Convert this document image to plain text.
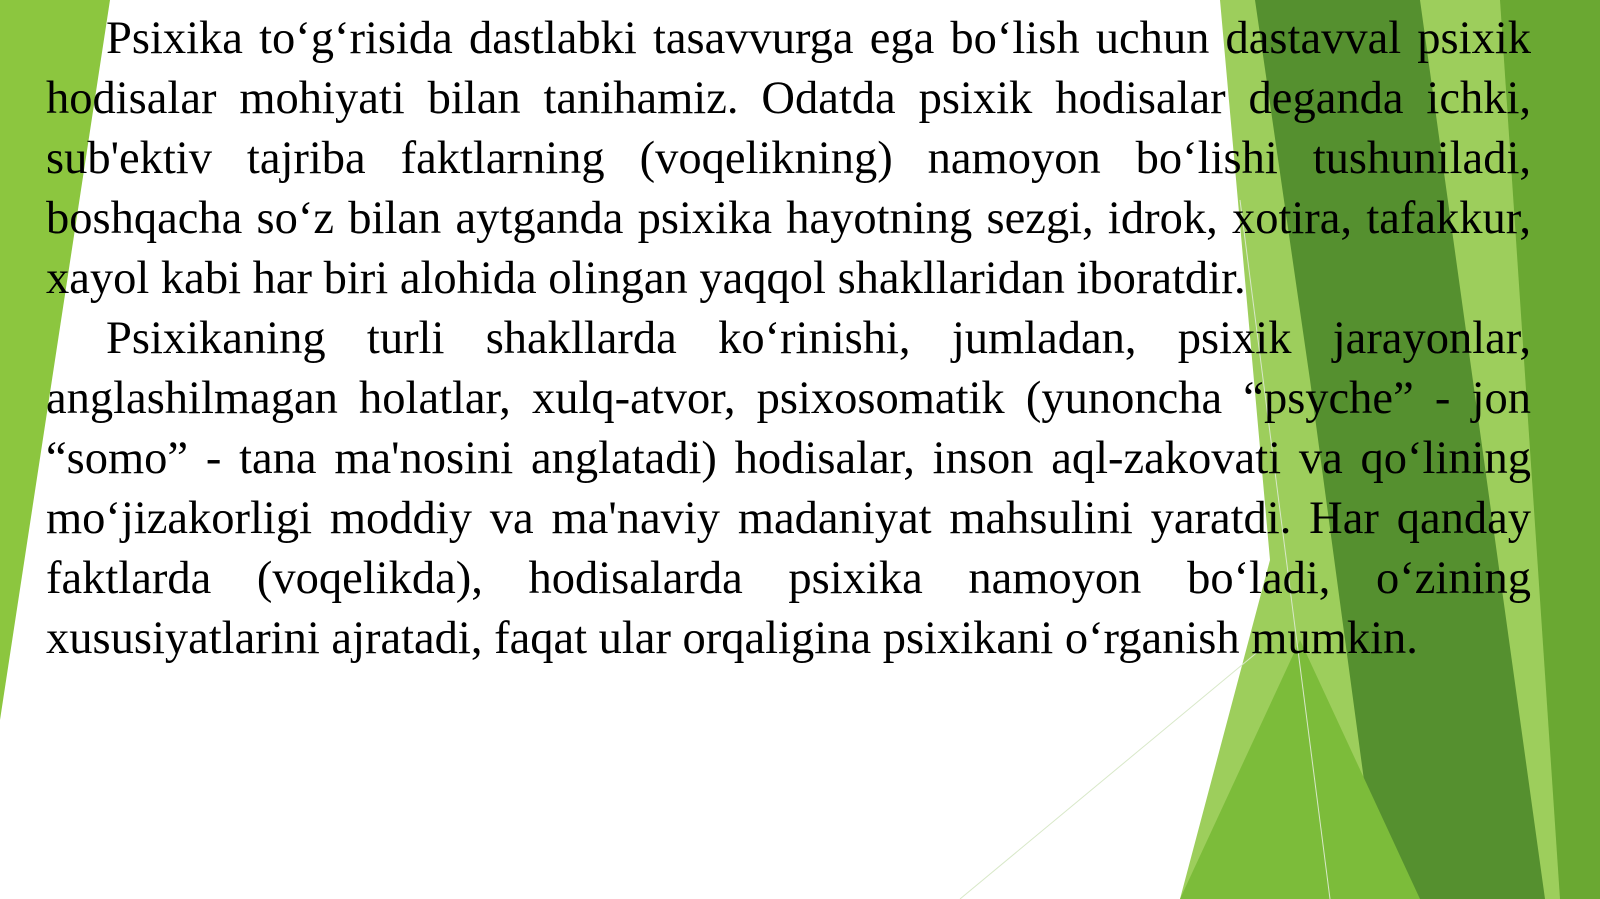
Psixika to‘g‘risida dastlabki tasavvurga ega bo‘lish uchun dastavval psixik hodisalar mohiyati bilan tanihamiz. Odatda psixik hodisalar deganda ichki, sub'ektiv tajriba faktlarning (voqelikning) namoyon bo‘lishi tushuniladi, boshqacha so‘z bilan aytganda psixika hayotning sezgi, idrok, xotira, tafakkur, xayol kabi har biri alohida olingan yaqqol shakllaridan iboratdir.

Psixikaning turli shakllarda ko‘rinishi, jumladan, psixik jarayonlar, anglashilmagan holatlar, xulq-atvor, psixosomatik (yunoncha “psyche” - jon “somo” - tana ma'nosini anglatadi) hodisalar, inson aql-zakovati va qo‘lining mo‘jizakorligi moddiy va ma'naviy madaniyat mahsulini yaratdi. Har qanday faktlarda (voqelikda), hodisalarda psixika namoyon bo‘ladi, o‘zining xususiyatlarini ajratadi, faqat ular orqaligina psixikani o‘rganish mumkin.
